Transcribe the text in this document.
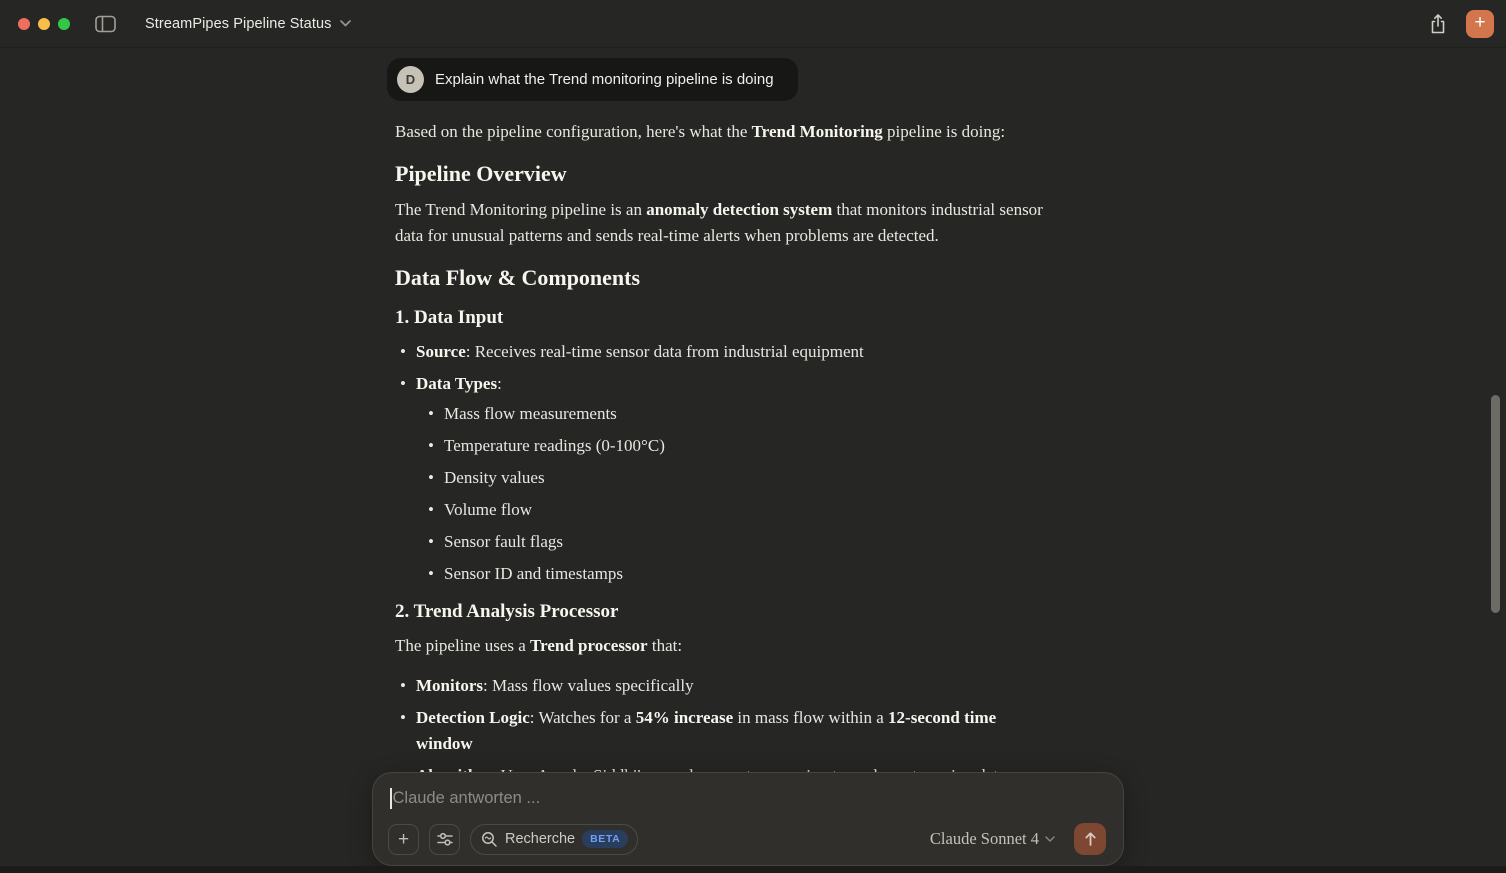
StreamPipes Pipeline Status	+
D	Explain what the Trend monitoring pipeline is doing

Based on the pipeline configuration, here's what the Trend Monitoring pipeline is doing:

Pipeline Overview

The Trend Monitoring pipeline is an anomaly detection system that monitors industrial sensor data for unusual patterns and sends real-time alerts when problems are detected.

Data Flow & Components
1. Data Input
• Source: Receives real-time sensor data from industrial equipment
• Data Types:
• Mass flow measurements
• Temperature readings (0-100°C)
• Density values
• Volume flow
• Sensor fault flags
• Sensor ID and timestamps
2. Trend Analysis Processor

The pipeline uses a Trend processor that:

• Monitors: Mass flow values specifically
• Detection Logic: Watches for a 54% increase in mass flow within a 12-second time window
•
Claude antworten ...
+	Recherche	BETA	Claude Sonnet 4
